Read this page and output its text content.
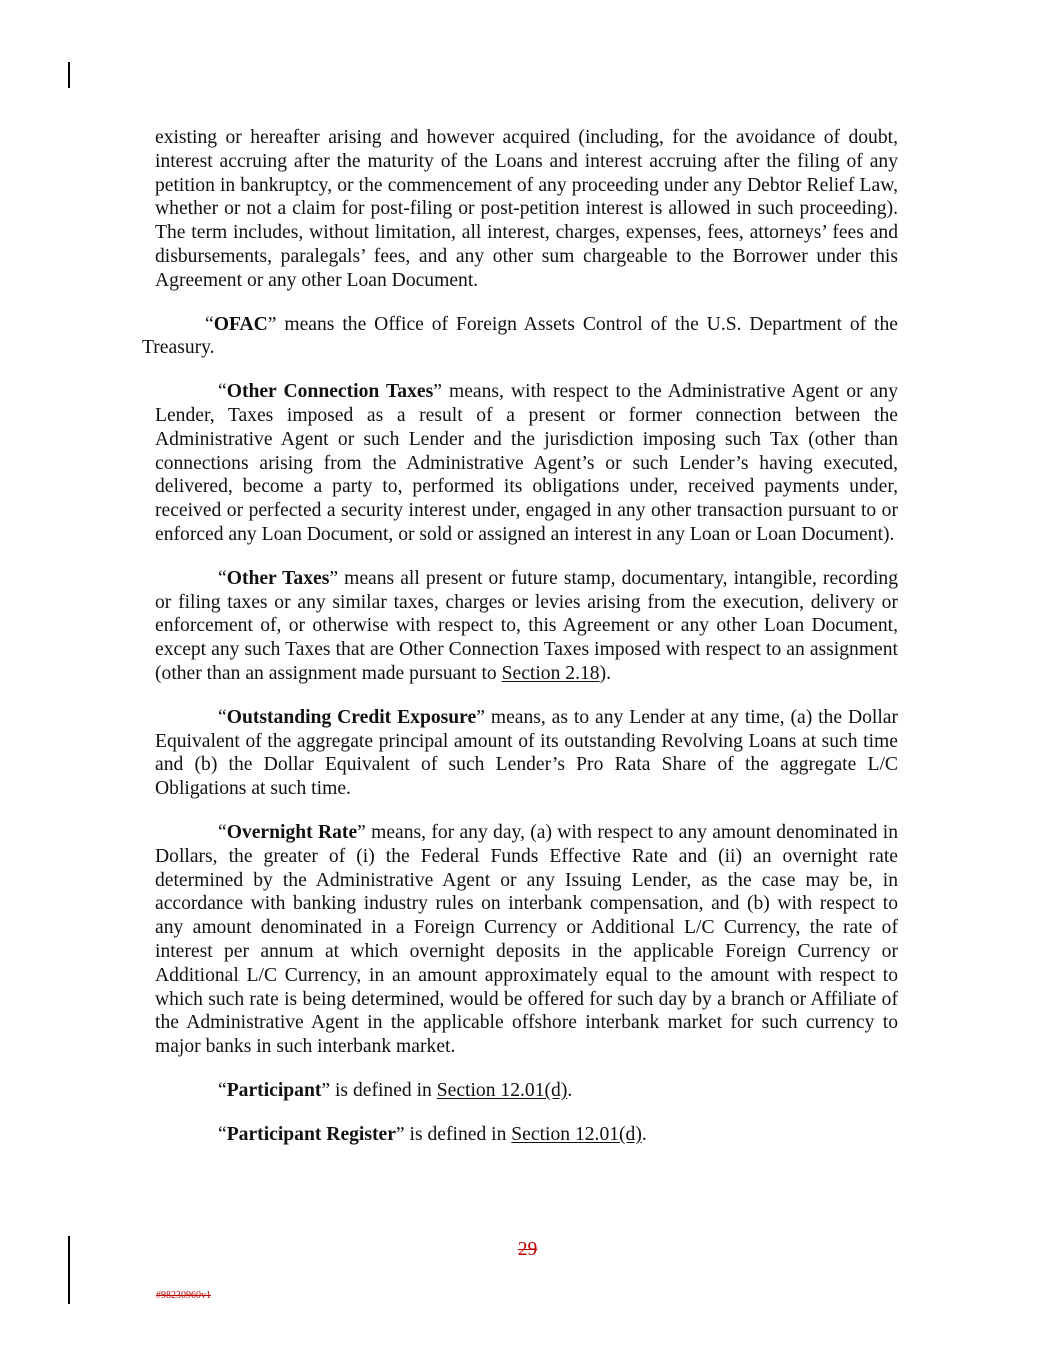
existing or hereafter arising and however acquired (including, for the avoidance of doubt, interest accruing after the maturity of the Loans and interest accruing after the filing of any petition in bankruptcy, or the commencement of any proceeding under any Debtor Relief Law, whether or not a claim for post-filing or post-petition interest is allowed in such proceeding). The term includes, without limitation, all interest, charges, expenses, fees, attorneys’ fees and disbursements, paralegals’ fees, and any other sum chargeable to the Borrower under this Agreement or any other Loan Document.

“OFAC” means the Office of Foreign Assets Control of the U.S. Department of the Treasury.

“Other Connection Taxes” means, with respect to the Administrative Agent or any Lender, Taxes imposed as a result of a present or former connection between the Administrative Agent or such Lender and the jurisdiction imposing such Tax (other than connections arising from the Administrative Agent’s or such Lender’s having executed, delivered, become a party to, performed its obligations under, received payments under, received or perfected a security interest under, engaged in any other transaction pursuant to or enforced any Loan Document, or sold or assigned an interest in any Loan or Loan Document).

“Other Taxes” means all present or future stamp, documentary, intangible, recording or filing taxes or any similar taxes, charges or levies arising from the execution, delivery or enforcement of, or otherwise with respect to, this Agreement or any other Loan Document, except any such Taxes that are Other Connection Taxes imposed with respect to an assignment (other than an assignment made pursuant to Section 2.18).

“Outstanding Credit Exposure” means, as to any Lender at any time, (a) the Dollar Equivalent of the aggregate principal amount of its outstanding Revolving Loans at such time and (b) the Dollar Equivalent of such Lender’s Pro Rata Share of the aggregate L/C Obligations at such time.

“Overnight Rate” means, for any day, (a) with respect to any amount denominated in Dollars, the greater of (i) the Federal Funds Effective Rate and (ii) an overnight rate determined by the Administrative Agent or any Issuing Lender, as the case may be, in accordance with banking industry rules on interbank compensation, and (b) with respect to any amount denominated in a Foreign Currency or Additional L/C Currency, the rate of interest per annum at which overnight deposits in the applicable Foreign Currency or Additional L/C Currency, in an amount approximately equal to the amount with respect to which such rate is being determined, would be offered for such day by a branch or Affiliate of the Administrative Agent in the applicable offshore interbank market for such currency to major banks in such interbank market.

“Participant” is defined in Section 12.01(d).

“Participant Register” is defined in Section 12.01(d).

29
#98230960v1
